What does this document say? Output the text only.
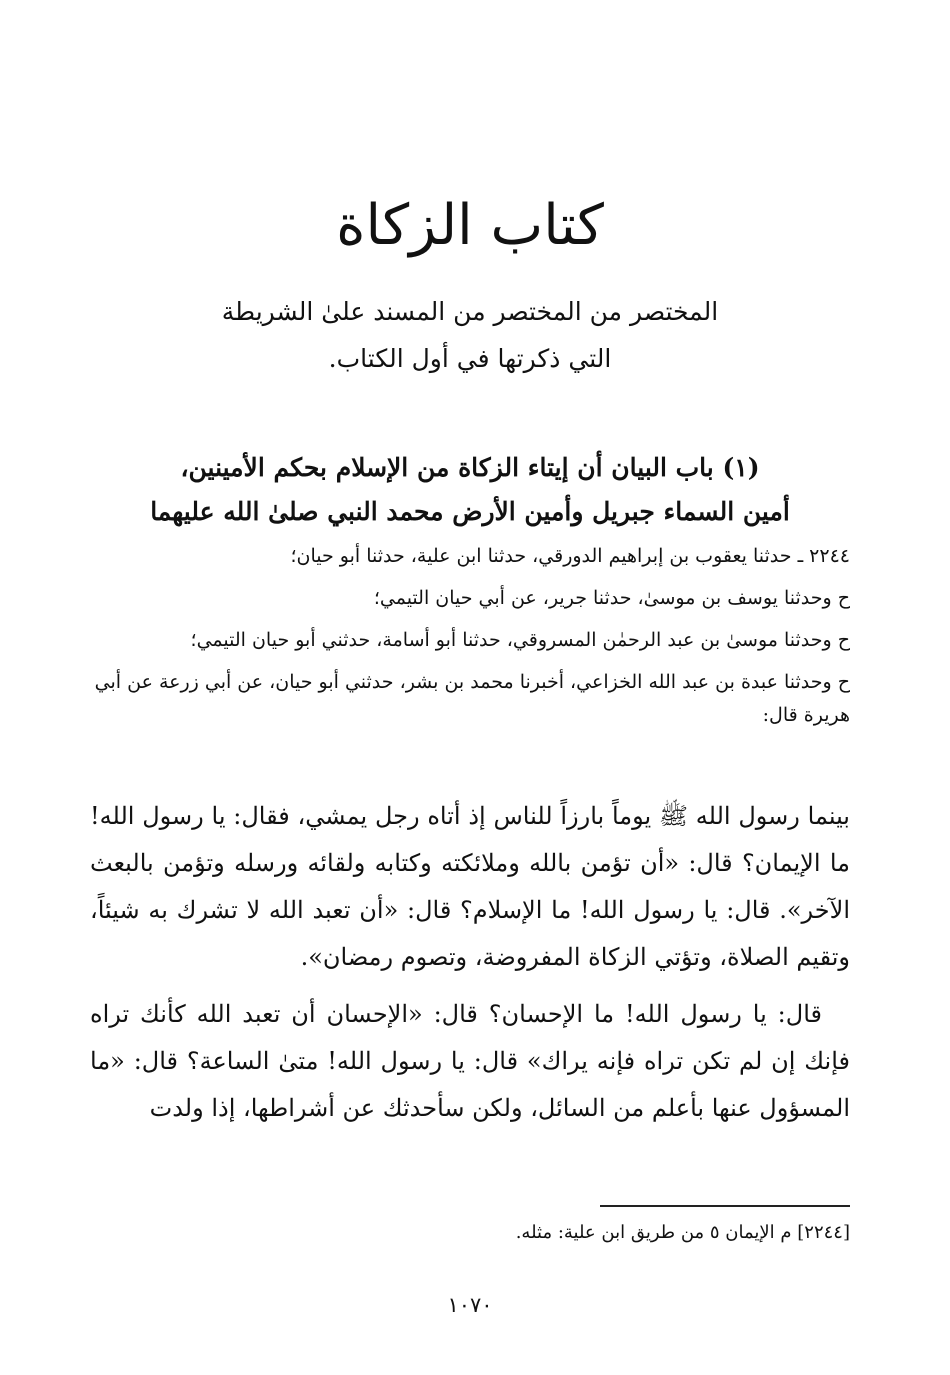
كتاب الزكاة
المختصر من المختصر من المسند علىٰ الشريطة
التي ذكرتها في أول الكتاب.
(١) باب البيان أن إيتاء الزكاة من الإسلام بحكم الأمينين،
أمين السماء جبريل وأمين الأرض محمد النبي صلىٰ الله عليهما

٢٢٤٤ ـ حدثنا يعقوب بن إبراهيم الدورقي، حدثنا ابن علية، حدثنا أبو حيان؛

ح وحدثنا يوسف بن موسىٰ، حدثنا جرير، عن أبي حيان التيمي؛

ح وحدثنا موسىٰ بن عبد الرحمٰن المسروقي، حدثنا أبو أسامة، حدثني أبو حيان التيمي؛

ح وحدثنا عبدة بن عبد الله الخزاعي، أخبرنا محمد بن بشر، حدثني أبو حيان، عن أبي زرعة عن أبي هريرة قال:

بينما رسول الله ﷺ يوماً بارزاً للناس إذ أتاه رجل يمشي، فقال: يا رسول الله! ما الإيمان؟ قال: «أن تؤمن بالله وملائكته وكتابه ولقائه ورسله وتؤمن بالبعث الآخر». قال: يا رسول الله! ما الإسلام؟ قال: «أن تعبد الله لا تشرك به شيئاً، وتقيم الصلاة، وتؤتي الزكاة المفروضة، وتصوم رمضان».

قال: يا رسول الله! ما الإحسان؟ قال: «الإحسان أن تعبد الله كأنك تراه فإنك إن لم تكن تراه فإنه يراك» قال: يا رسول الله! متىٰ الساعة؟ قال: «ما المسؤول عنها بأعلم من السائل، ولكن سأحدثك عن أشراطها، إذا ولدت

[٢٢٤٤] م الإيمان ٥ من طريق ابن علية: مثله.
١٠٧٠
